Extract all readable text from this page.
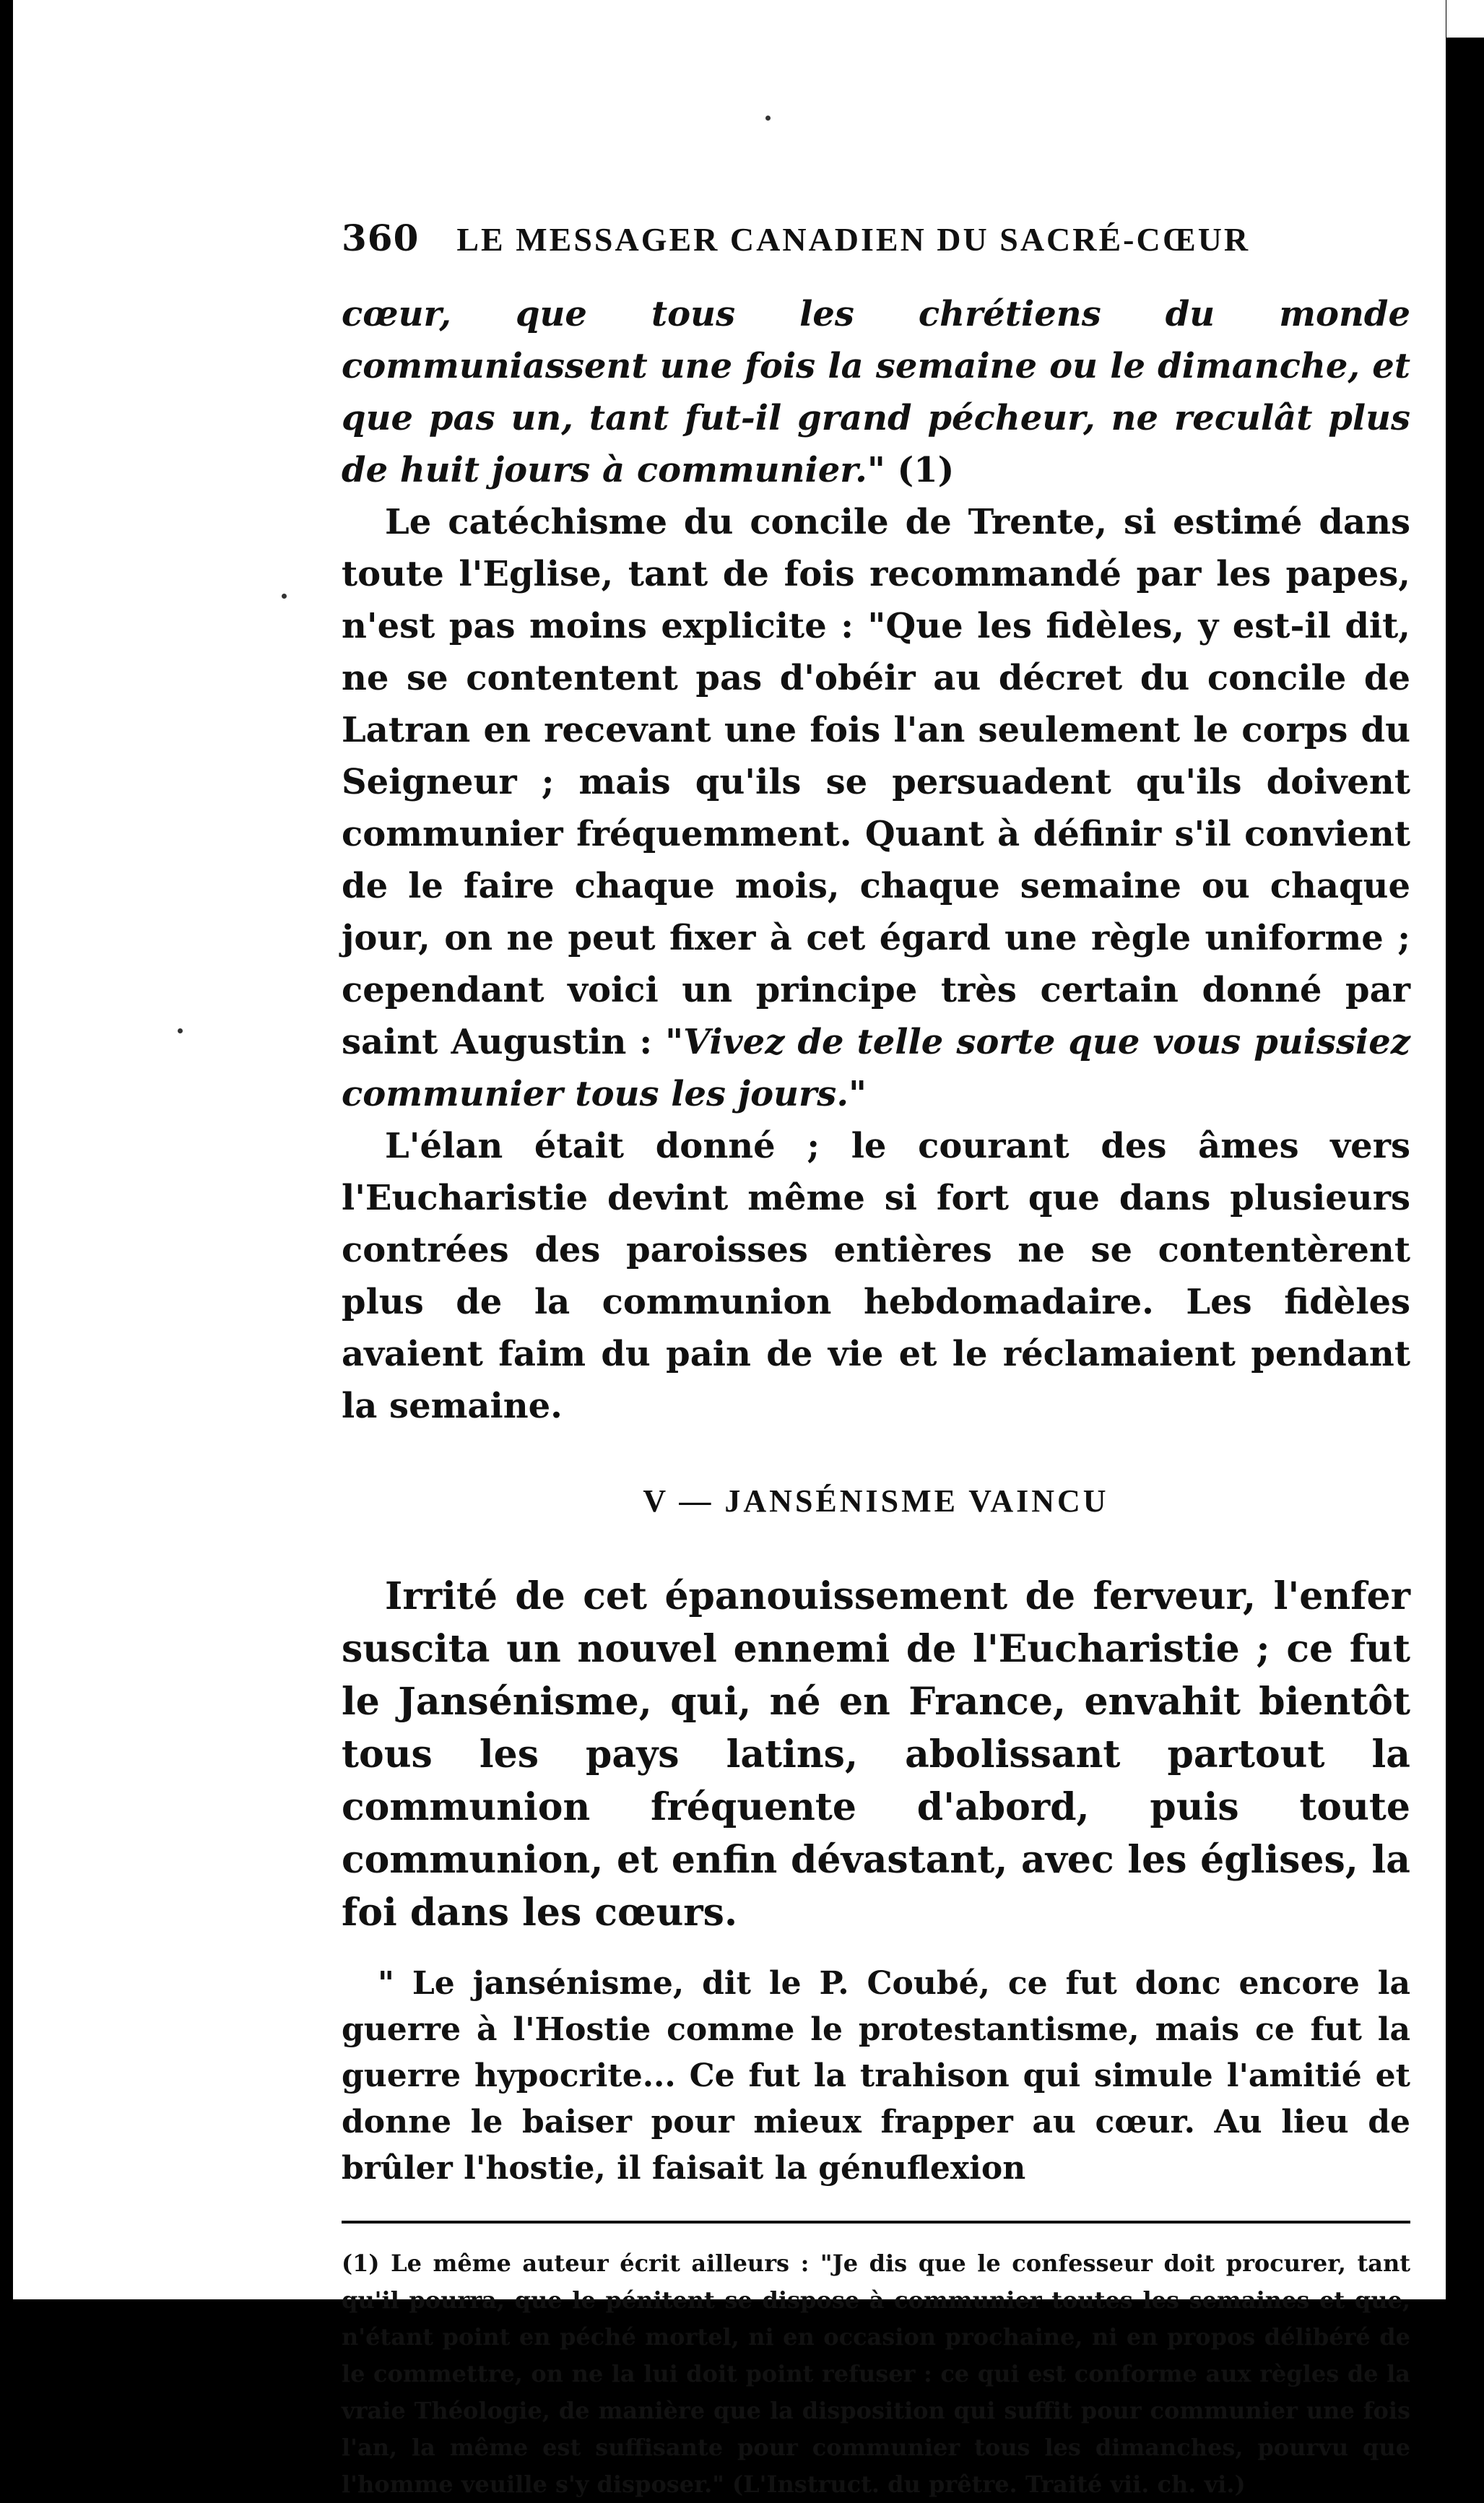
360 LE MESSAGER CANADIEN DU SACRÉ-CŒUR

cœur, que tous les chrétiens du monde communiassent une fois la semaine ou le dimanche, et que pas un, tant fut-il grand pécheur, ne reculât plus de huit jours à communier." (1)

Le catéchisme du concile de Trente, si estimé dans toute l'Eglise, tant de fois recommandé par les papes, n'est pas moins explicite : "Que les fidèles, y est-il dit, ne se contentent pas d'obéir au décret du concile de Latran en recevant une fois l'an seulement le corps du Seigneur ; mais qu'ils se persuadent qu'ils doivent communier fréquemment. Quant à définir s'il convient de le faire chaque mois, chaque semaine ou chaque jour, on ne peut fixer à cet égard une règle uniforme ; cependant voici un principe très certain donné par saint Augustin : "Vivez de telle sorte que vous puissiez communier tous les jours."

L'élan était donné ; le courant des âmes vers l'Eucharistie devint même si fort que dans plusieurs contrées des paroisses entières ne se contentèrent plus de la communion hebdomadaire. Les fidèles avaient faim du pain de vie et le réclamaient pendant la semaine.

V — JANSÉNISME VAINCU

Irrité de cet épanouissement de ferveur, l'enfer suscita un nouvel ennemi de l'Eucharistie ; ce fut le Jansénisme, qui, né en France, envahit bientôt tous les pays latins, abolissant partout la communion fréquente d'abord, puis toute communion, et enfin dévastant, avec les églises, la foi dans les cœurs.

" Le jansénisme, dit le P. Coubé, ce fut donc encore la guerre à l'Hostie comme le protestantisme, mais ce fut la guerre hypocrite... Ce fut la trahison qui simule l'amitié et donne le baiser pour mieux frapper au cœur. Au lieu de brûler l'hostie, il faisait la génuflexion

(1) Le même auteur écrit ailleurs : "Je dis que le confesseur doit procurer, tant qu'il pourra, que le pénitent se dispose à communier toutes les semaines et que, n'étant point en péché mortel, ni en occasion prochaine, ni en propos délibéré de le commettre, on ne la lui doit point refuser : ce qui est conforme aux règles de la vraie Théologie, de manière que la disposition qui suffit pour communier une fois l'an, la même est suffisante pour communier tous les dimanches, pourvu que l'homme veuille s'y disposer." (L'Instruct. du prêtre. Traité vii. ch. vi.)
